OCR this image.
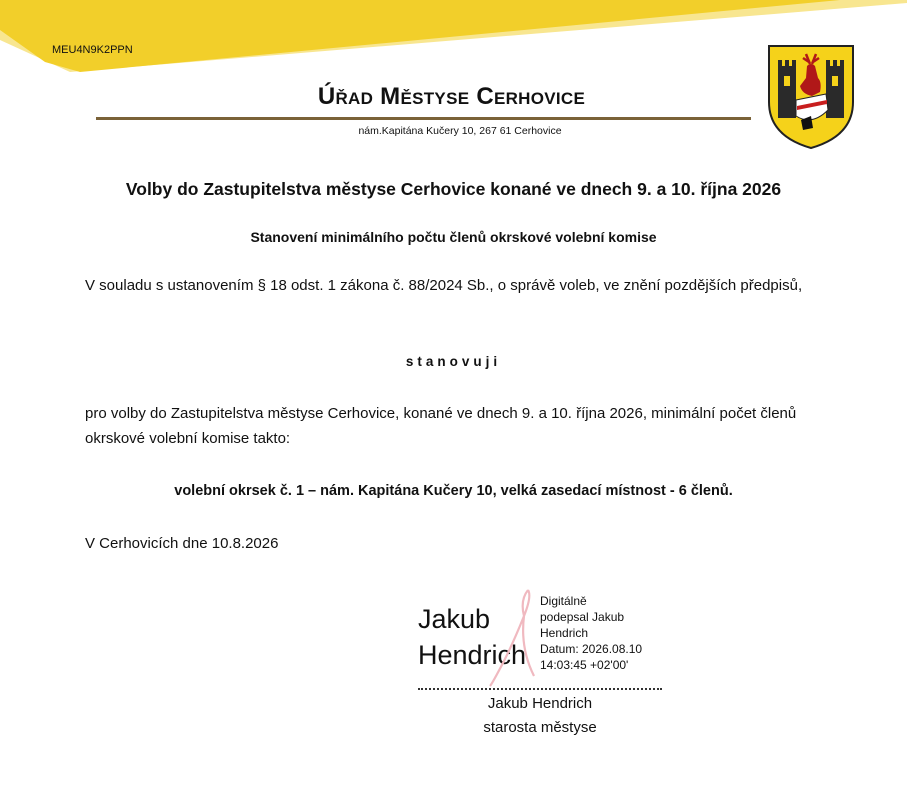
MEU4N9K2PPN
Úřad Městyse Cerhovice
nám.Kapitána Kučery 10, 267 61 Cerhovice
Volby do Zastupitelstva městyse Cerhovice konané ve dnech 9. a 10. října 2026
Stanovení minimálního počtu členů okrskové volební komise
V souladu s ustanovením § 18 odst. 1 zákona č. 88/2024 Sb., o správě voleb, ve znění pozdějších předpisů,
stanovuji
pro volby do Zastupitelstva městyse Cerhovice, konané ve dnech 9. a 10. října 2026, minimální počet členů okrskové volební komise takto:
volební okrsek č. 1 – nám. Kapitána Kučery 10, velká zasedací místnost - 6 členů.
V Cerhovicích dne 10.8.2026
Jakub
Hendrich
Digitálně
podepsal Jakub
Hendrich
Datum: 2026.08.10
14:03:45 +02'00'
Jakub Hendrich
starosta městyse
